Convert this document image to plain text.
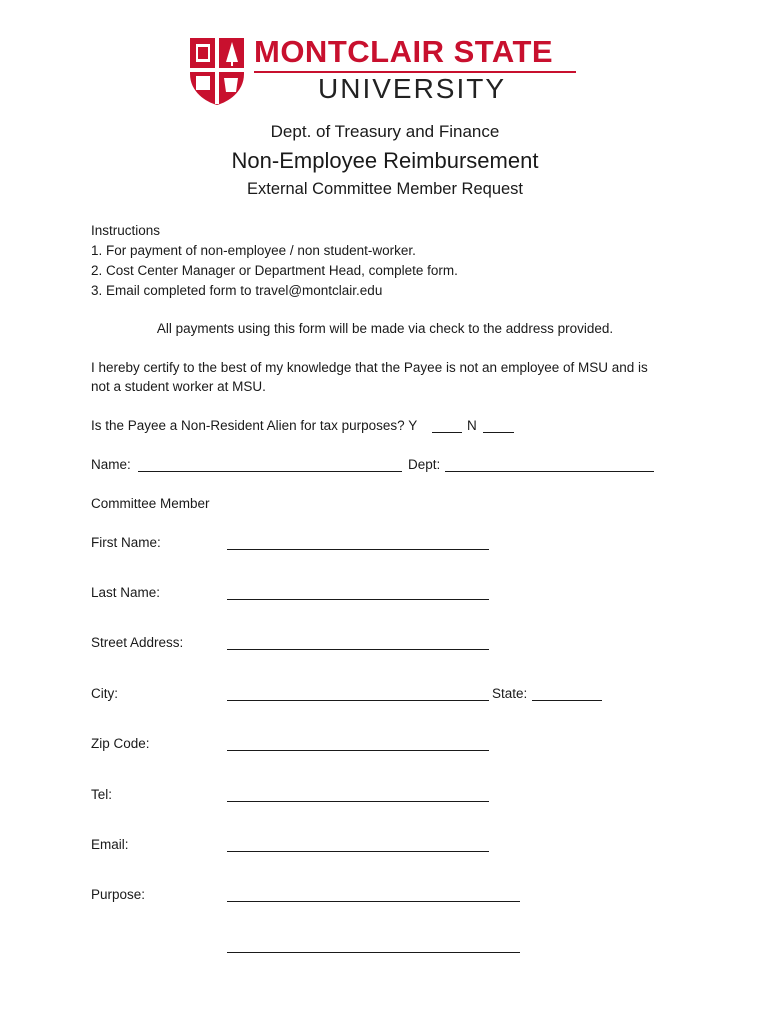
MONTCLAIR STATE
UNIVERSITY
Dept. of Treasury and Finance
Non-Employee Reimbursement
External Committee Member Request
Instructions
1. For payment of non-employee / non student-worker.
2. Cost Center Manager or Department Head, complete form.
3. Email completed form to travel@montclair.edu
All payments using this form will be made via check to the address provided.
I hereby certify to the best of my knowledge that the Payee is not an employee of MSU and is
not a student worker at MSU.
Is the Payee a Non-Resident Alien for tax purposes? Y	N
Name:	Dept:
Committee Member
First Name:
Last Name:
Street Address:
City:	State:
Zip Code:
Tel:
Email:
Purpose:
